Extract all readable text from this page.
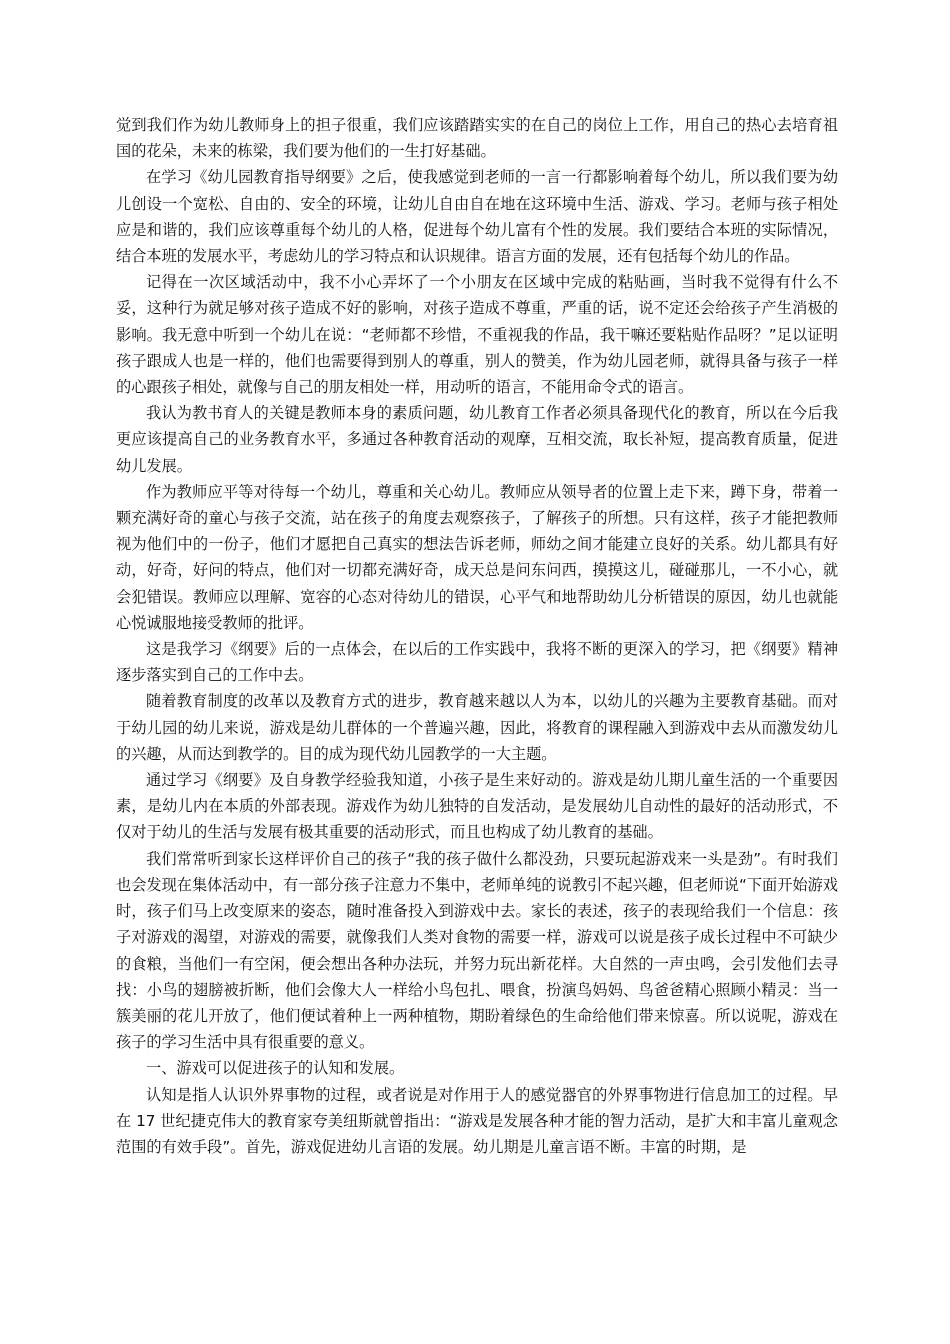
觉到我们作为幼儿教师身上的担子很重，我们应该踏踏实实的在自己的岗位上工作，用自己的热心去培育祖国的花朵，未来的栋梁，我们要为他们的一生打好基础。

在学习《幼儿园教育指导纲要》之后，使我感觉到老师的一言一行都影响着每个幼儿，所以我们要为幼儿创设一个宽松、自由的、安全的环境，让幼儿自由自在地在这环境中生活、游戏、学习。老师与孩子相处应是和谐的，我们应该尊重每个幼儿的人格，促进每个幼儿富有个性的发展。我们要结合本班的实际情况，结合本班的发展水平，考虑幼儿的学习特点和认识规律。语言方面的发展，还有包括每个幼儿的作品。

记得在一次区域活动中，我不小心弄坏了一个小朋友在区域中完成的粘贴画，当时我不觉得有什么不妥，这种行为就足够对孩子造成不好的影响，对孩子造成不尊重，严重的话，说不定还会给孩子产生消极的影响。我无意中听到一个幼儿在说：“老师都不珍惜，不重视我的作品，我干嘛还要粘贴作品呀？”足以证明孩子跟成人也是一样的，他们也需要得到别人的尊重，别人的赞美，作为幼儿园老师，就得具备与孩子一样的心跟孩子相处，就像与自己的朋友相处一样，用动听的语言，不能用命令式的语言。

我认为教书育人的关键是教师本身的素质问题，幼儿教育工作者必须具备现代化的教育，所以在今后我更应该提高自己的业务教育水平，多通过各种教育活动的观摩，互相交流，取长补短，提高教育质量，促进幼儿发展。

作为教师应平等对待每一个幼儿，尊重和关心幼儿。教师应从领导者的位置上走下来，蹲下身，带着一颗充满好奇的童心与孩子交流，站在孩子的角度去观察孩子，了解孩子的所想。只有这样，孩子才能把教师视为他们中的一份子，他们才愿把自己真实的想法告诉老师，师幼之间才能建立良好的关系。幼儿都具有好动，好奇，好问的特点，他们对一切都充满好奇，成天总是问东问西，摸摸这儿，碰碰那儿，一不小心，就会犯错误。教师应以理解、宽容的心态对待幼儿的错误，心平气和地帮助幼儿分析错误的原因，幼儿也就能心悦诚服地接受教师的批评。

这是我学习《纲要》后的一点体会，在以后的工作实践中，我将不断的更深入的学习，把《纲要》精神逐步落实到自己的工作中去。

随着教育制度的改革以及教育方式的进步，教育越来越以人为本，以幼儿的兴趣为主要教育基础。而对于幼儿园的幼儿来说，游戏是幼儿群体的一个普遍兴趣，因此，将教育的课程融入到游戏中去从而激发幼儿的兴趣，从而达到教学的。目的成为现代幼儿园教学的一大主题。

通过学习《纲要》及自身教学经验我知道，小孩子是生来好动的。游戏是幼儿期儿童生活的一个重要因素，是幼儿内在本质的外部表现。游戏作为幼儿独特的自发活动，是发展幼儿自动性的最好的活动形式，不仅对于幼儿的生活与发展有极其重要的活动形式，而且也构成了幼儿教育的基础。

我们常常听到家长这样评价自己的孩子“我的孩子做什么都没劲，只要玩起游戏来一头是劲”。有时我们也会发现在集体活动中，有一部分孩子注意力不集中，老师单纯的说教引不起兴趣，但老师说“下面开始游戏时，孩子们马上改变原来的姿态，随时准备投入到游戏中去。家长的表述，孩子的表现给我们一个信息：孩子对游戏的渴望，对游戏的需要，就像我们人类对食物的需要一样，游戏可以说是孩子成长过程中不可缺少的食粮，当他们一有空闲，便会想出各种办法玩，并努力玩出新花样。大自然的一声虫鸣，会引发他们去寻找：小鸟的翅膀被折断，他们会像大人一样给小鸟包扎、喂食，扮演鸟妈妈、鸟爸爸精心照顾小精灵：当一簇美丽的花儿开放了，他们便试着种上一两种植物，期盼着绿色的生命给他们带来惊喜。所以说呢，游戏在孩子的学习生活中具有很重要的意义。

一、游戏可以促进孩子的认知和发展。

认知是指人认识外界事物的过程，或者说是对作用于人的感觉器官的外界事物进行信息加工的过程。早在 17 世纪捷克伟大的教育家夸美纽斯就曾指出：“游戏是发展各种才能的智力活动，是扩大和丰富儿童观念范围的有效手段”。首先，游戏促进幼儿言语的发展。幼儿期是儿童言语不断。丰富的时期，是
